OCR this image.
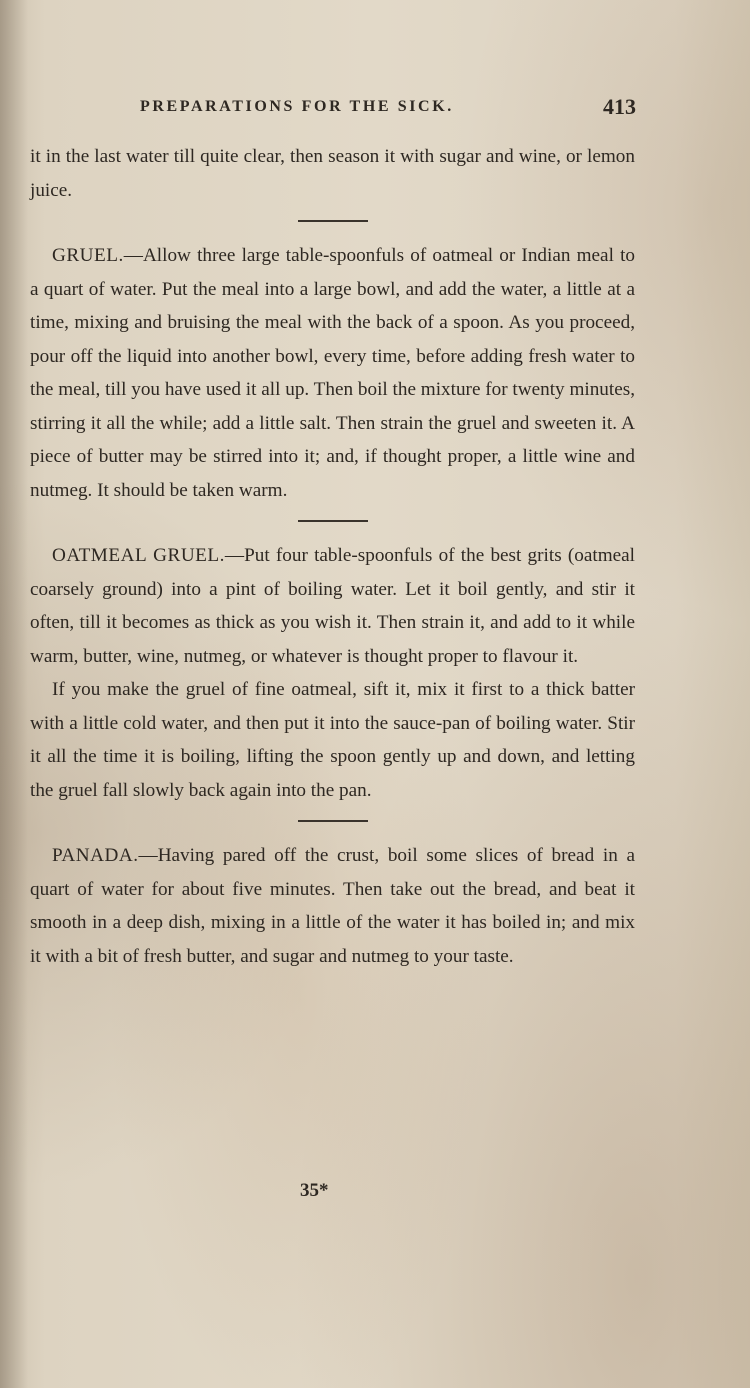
PREPARATIONS FOR THE SICK.	413

it in the last water till quite clear, then season it with sugar and wine, or lemon juice.

GRUEL.—Allow three large table-spoonfuls of oatmeal or Indian meal to a quart of water. Put the meal into a large bowl, and add the water, a little at a time, mixing and bruising the meal with the back of a spoon. As you proceed, pour off the liquid into another bowl, every time, before adding fresh water to the meal, till you have used it all up. Then boil the mixture for twenty minutes, stirring it all the while; add a little salt. Then strain the gruel and sweeten it. A piece of butter may be stirred into it; and, if thought proper, a little wine and nutmeg. It should be taken warm.

OATMEAL GRUEL.—Put four table-spoonfuls of the best grits (oatmeal coarsely ground) into a pint of boiling water. Let it boil gently, and stir it often, till it becomes as thick as you wish it. Then strain it, and add to it while warm, butter, wine, nutmeg, or whatever is thought proper to flavour it.

If you make the gruel of fine oatmeal, sift it, mix it first to a thick batter with a little cold water, and then put it into the sauce-pan of boiling water. Stir it all the time it is boiling, lifting the spoon gently up and down, and letting the gruel fall slowly back again into the pan.

PANADA.—Having pared off the crust, boil some slices of bread in a quart of water for about five minutes. Then take out the bread, and beat it smooth in a deep dish, mixing in a little of the water it has boiled in; and mix it with a bit of fresh butter, and sugar and nutmeg to your taste.

35*
